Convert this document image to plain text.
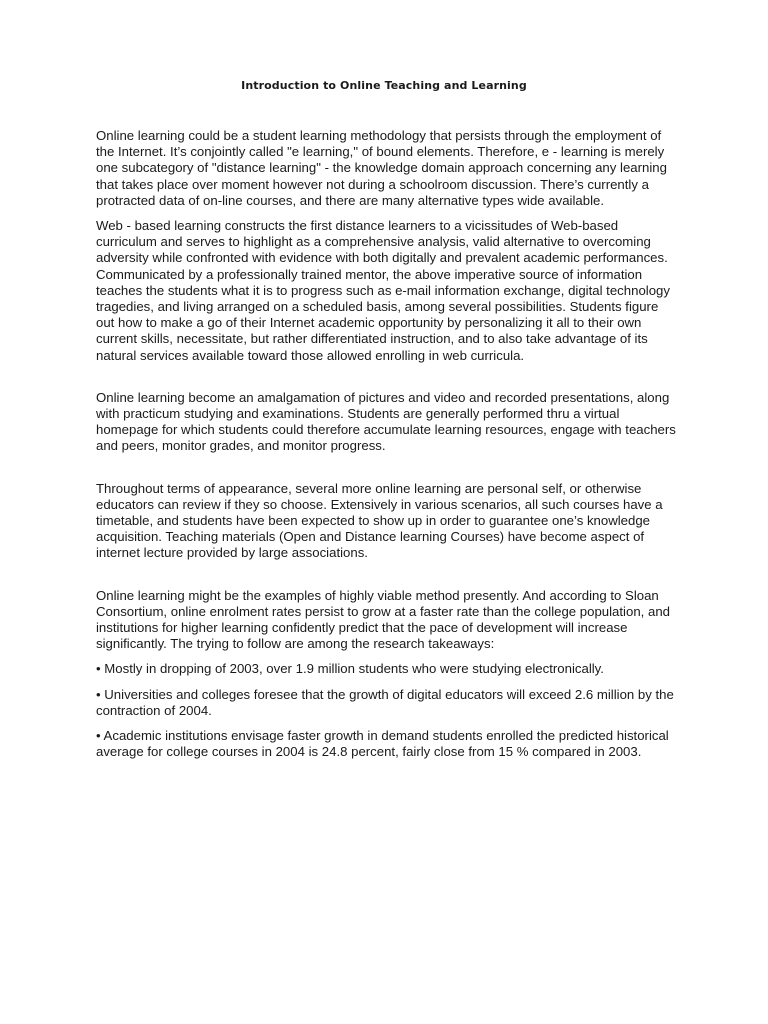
Introduction to Online Teaching and Learning

Online learning could be a student learning methodology that persists through the employment of the Internet. It’s conjointly called "e learning," of bound elements. Therefore, e - learning is merely one subcategory of "distance learning" - the knowledge domain approach concerning any learning that takes place over moment however not during a schoolroom discussion. There’s currently a protracted data of on-line courses, and there are many alternative types wide available.

Web - based learning constructs the first distance learners to a vicissitudes of Web-based curriculum and serves to highlight as a comprehensive analysis, valid alternative to overcoming adversity while confronted with evidence with both digitally and prevalent academic performances. Communicated by a professionally trained mentor, the above imperative source of information teaches the students what it is to progress such as e-mail information exchange, digital technology tragedies, and living arranged on a scheduled basis, among several possibilities. Students figure out how to make a go of their Internet academic opportunity by personalizing it all to their own current skills, necessitate, but rather differentiated instruction, and to also take advantage of its natural services available toward those allowed enrolling in web curricula.

Online learning become an amalgamation of pictures and video and recorded presentations, along with practicum studying and examinations. Students are generally performed thru a virtual homepage for which students could therefore accumulate learning resources, engage with teachers and peers, monitor grades, and monitor progress.

Throughout terms of appearance, several more online learning are personal self, or otherwise educators can review if they so choose. Extensively in various scenarios, all such courses have a timetable, and students have been expected to show up in order to guarantee one’s knowledge acquisition. Teaching materials (Open and Distance learning Courses) have become aspect of internet lecture provided by large associations.

Online learning might be the examples of highly viable method presently. And according to Sloan Consortium, online enrolment rates persist to grow at a faster rate than the college population, and institutions for higher learning confidently predict that the pace of development will increase significantly. The trying to follow are among the research takeaways:

• Mostly in dropping of 2003, over 1.9 million students who were studying electronically.

• Universities and colleges foresee that the growth of digital educators will exceed 2.6 million by the contraction of 2004.

• Academic institutions envisage faster growth in demand students enrolled the predicted historical average for college courses in 2004 is 24.8 percent, fairly close from 15 % compared in 2003.
